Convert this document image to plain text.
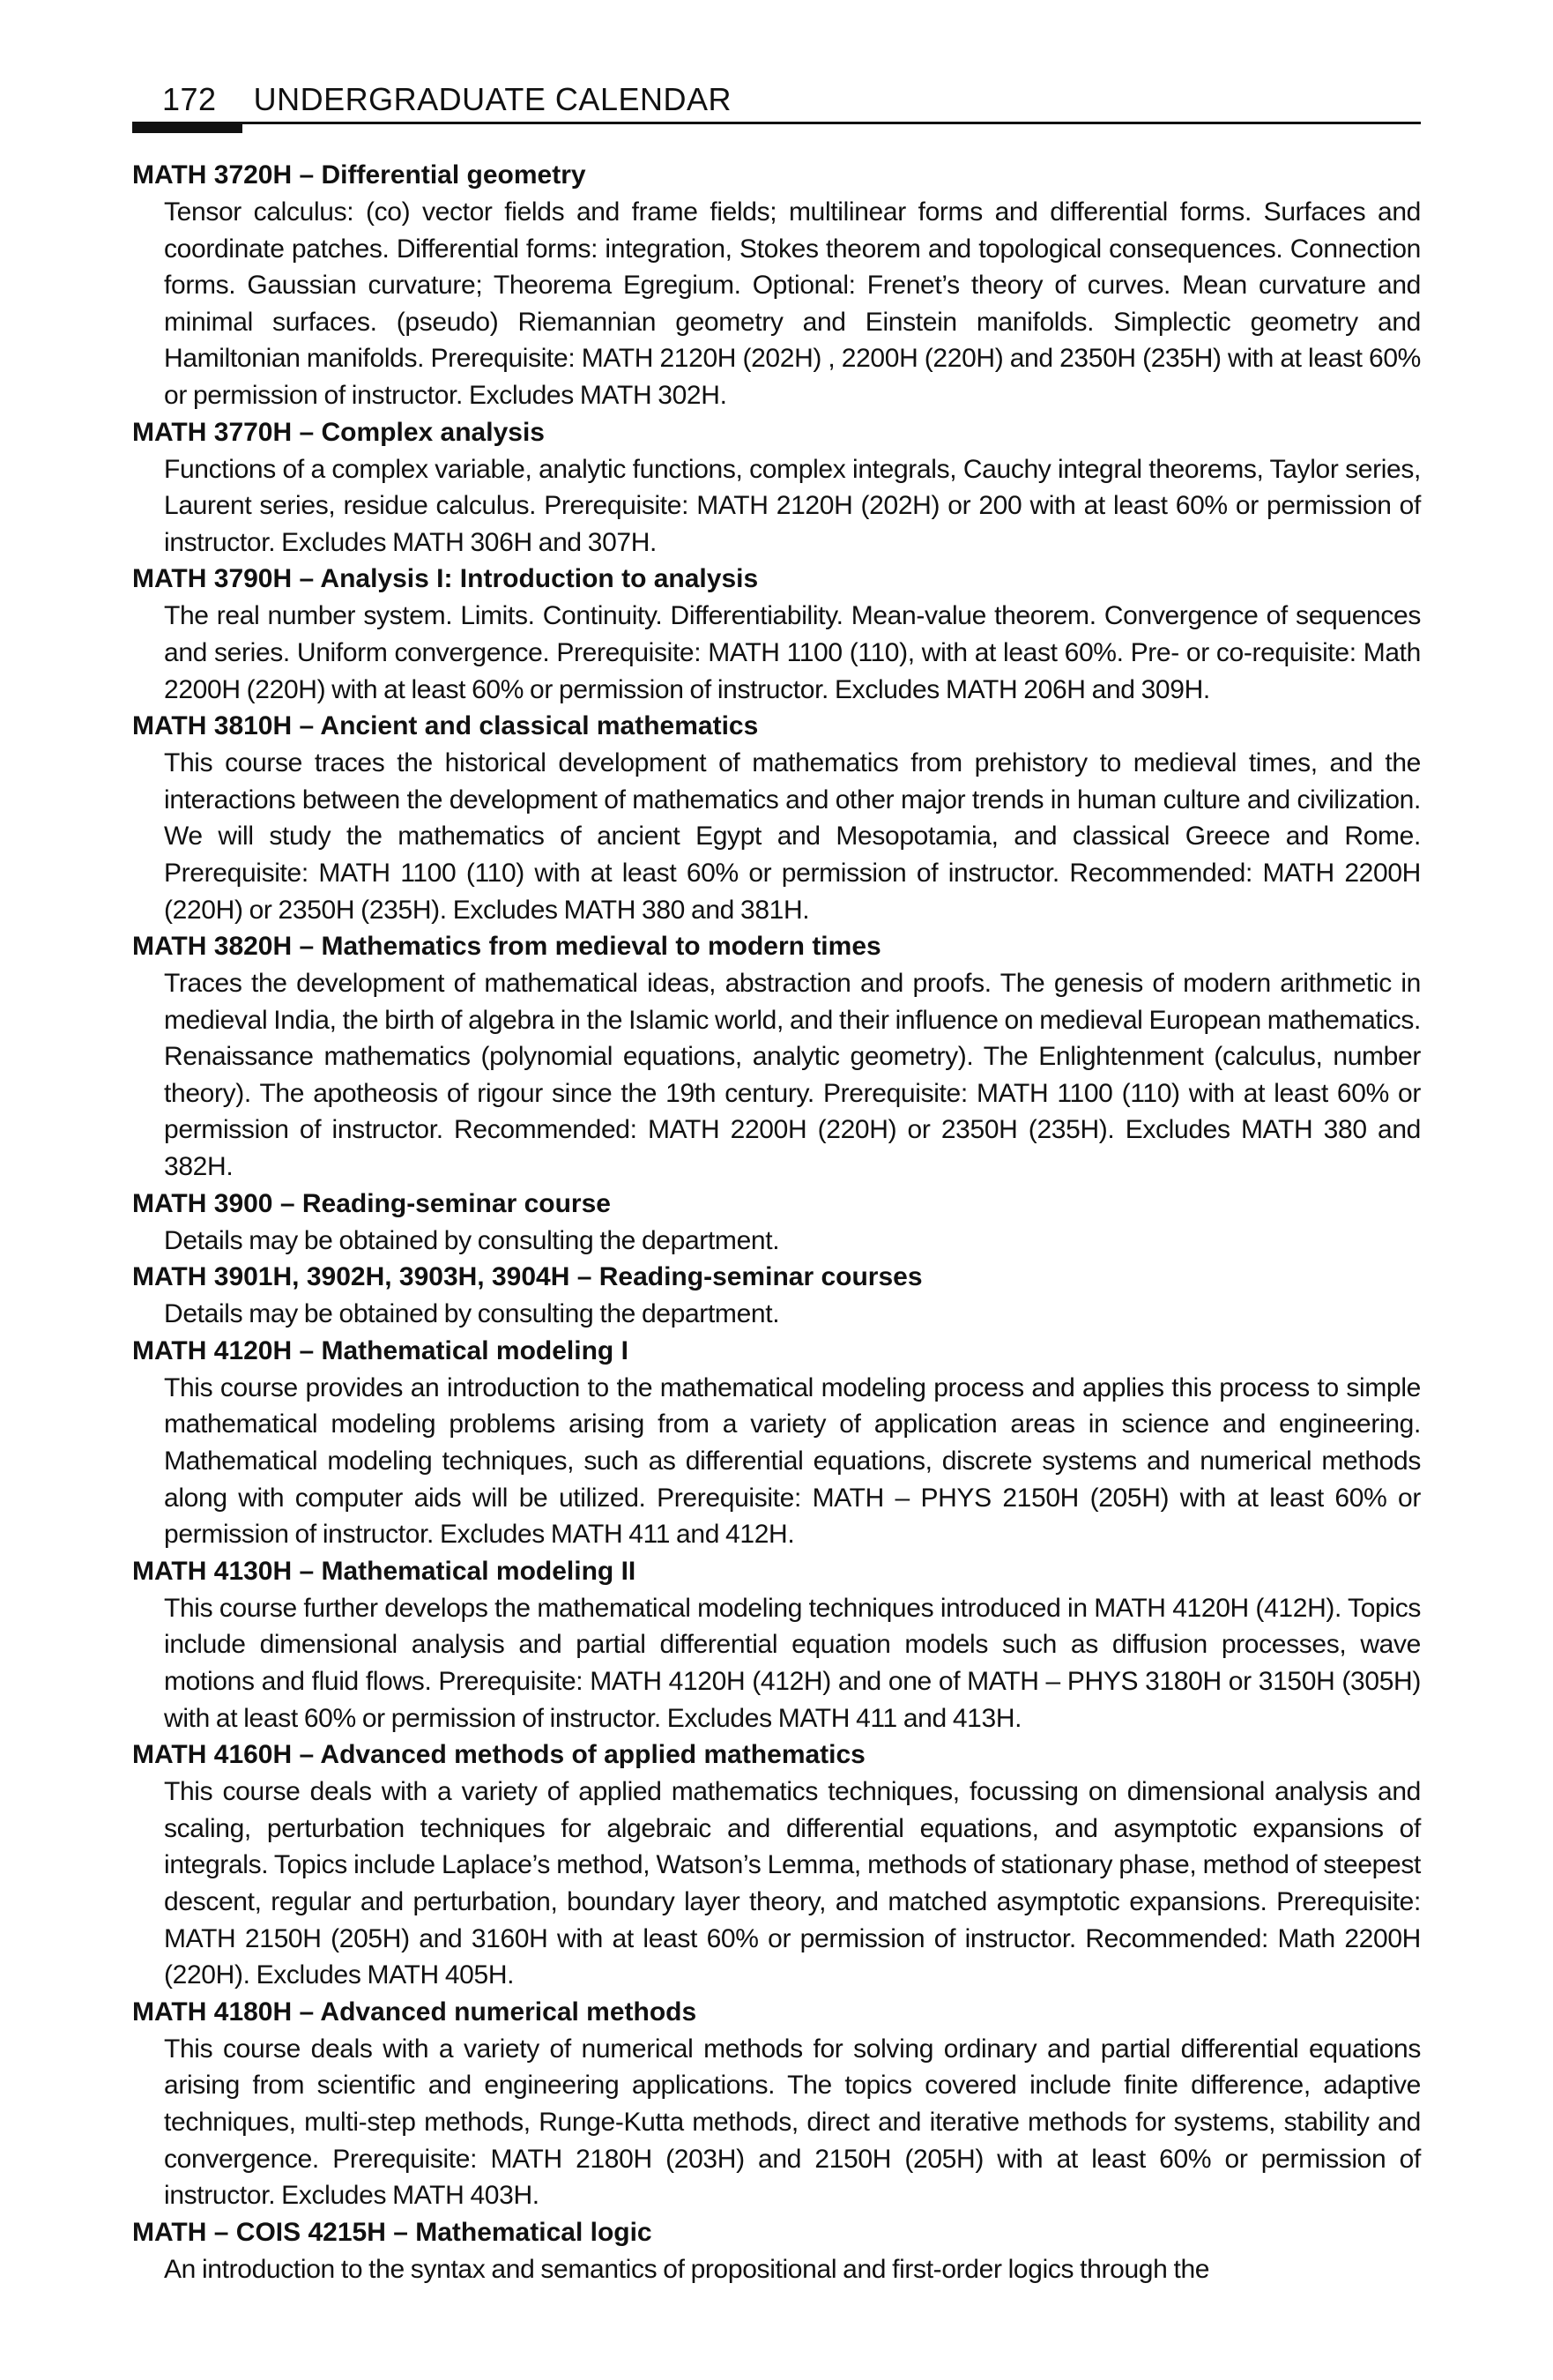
172 UNDERGRADUATE CALENDAR
MATH 3720H – Differential geometry
Tensor calculus: (co) vector fields and frame fields; multilinear forms and differential forms. Surfaces and coordinate patches. Differential forms: integration, Stokes theorem and topological consequences. Connection forms. Gaussian curvature; Theorema Egregium. Optional: Frenet’s theory of curves. Mean curvature and minimal surfaces. (pseudo) Riemannian geometry and Einstein manifolds. Simplectic geometry and Hamiltonian manifolds. Prerequisite: MATH 2120H (202H) , 2200H (220H) and 2350H (235H) with at least 60% or permission of instructor. Excludes MATH 302H.
MATH 3770H – Complex analysis
Functions of a complex variable, analytic functions, complex integrals, Cauchy integral theorems, Taylor series, Laurent series, residue calculus. Prerequisite: MATH 2120H (202H) or 200 with at least 60% or permission of instructor. Excludes MATH 306H and 307H.
MATH 3790H – Analysis I: Introduction to analysis
The real number system. Limits. Continuity. Differentiability. Mean-value theorem. Convergence of sequences and series. Uniform convergence. Prerequisite: MATH 1100 (110), with at least 60%. Pre- or co-requisite: Math 2200H (220H) with at least 60% or permission of instructor. Excludes MATH 206H and 309H.
MATH 3810H – Ancient and classical mathematics
This course traces the historical development of mathematics from prehistory to medieval times, and the interactions between the development of mathematics and other major trends in human culture and civilization. We will study the mathematics of ancient Egypt and Mesopotamia, and classical Greece and Rome. Prerequisite: MATH 1100 (110) with at least 60% or permission of instructor. Recommended: MATH 2200H (220H) or 2350H (235H). Excludes MATH 380 and 381H.
MATH 3820H – Mathematics from medieval to modern times
Traces the development of mathematical ideas, abstraction and proofs. The genesis of modern arithmetic in medieval India, the birth of algebra in the Islamic world, and their influence on medieval European mathematics. Renaissance mathematics (polynomial equations, analytic geometry). The Enlightenment (calculus, number theory). The apotheosis of rigour since the 19th century. Prerequisite: MATH 1100 (110) with at least 60% or permission of instructor. Recommended: MATH 2200H (220H) or 2350H (235H). Excludes MATH 380 and 382H.
MATH 3900 – Reading-seminar course
Details may be obtained by consulting the department.
MATH 3901H, 3902H, 3903H, 3904H – Reading-seminar courses
Details may be obtained by consulting the department.
MATH 4120H – Mathematical modeling I
This course provides an introduction to the mathematical modeling process and applies this process to simple mathematical modeling problems arising from a variety of application areas in science and engineering. Mathematical modeling techniques, such as differential equations, discrete systems and numerical methods along with computer aids will be utilized. Prerequisite: MATH – PHYS 2150H (205H) with at least 60% or permission of instructor. Excludes MATH 411 and 412H.
MATH 4130H – Mathematical modeling II
This course further develops the mathematical modeling techniques introduced in MATH 4120H (412H). Topics include dimensional analysis and partial differential equation models such as diffusion processes, wave motions and fluid flows. Prerequisite: MATH 4120H (412H) and one of MATH – PHYS 3180H or 3150H (305H) with at least 60% or permission of instructor. Excludes MATH 411 and 413H.
MATH 4160H – Advanced methods of applied mathematics
This course deals with a variety of applied mathematics techniques, focussing on dimensional analysis and scaling, perturbation techniques for algebraic and differential equations, and asymptotic expansions of integrals. Topics include Laplace’s method, Watson’s Lemma, methods of stationary phase, method of steepest descent, regular and perturbation, boundary layer theory, and matched asymptotic expansions. Prerequisite: MATH 2150H (205H) and 3160H with at least 60% or permission of instructor. Recommended: Math 2200H (220H). Excludes MATH 405H.
MATH 4180H – Advanced numerical methods
This course deals with a variety of numerical methods for solving ordinary and partial differential equations arising from scientific and engineering applications. The topics covered include finite difference, adaptive techniques, multi-step methods, Runge-Kutta methods, direct and iterative methods for systems, stability and convergence. Prerequisite: MATH 2180H (203H) and 2150H (205H) with at least 60% or permission of instructor. Excludes MATH 403H.
MATH – COIS 4215H – Mathematical logic
An introduction to the syntax and semantics of propositional and first-order logics through the
